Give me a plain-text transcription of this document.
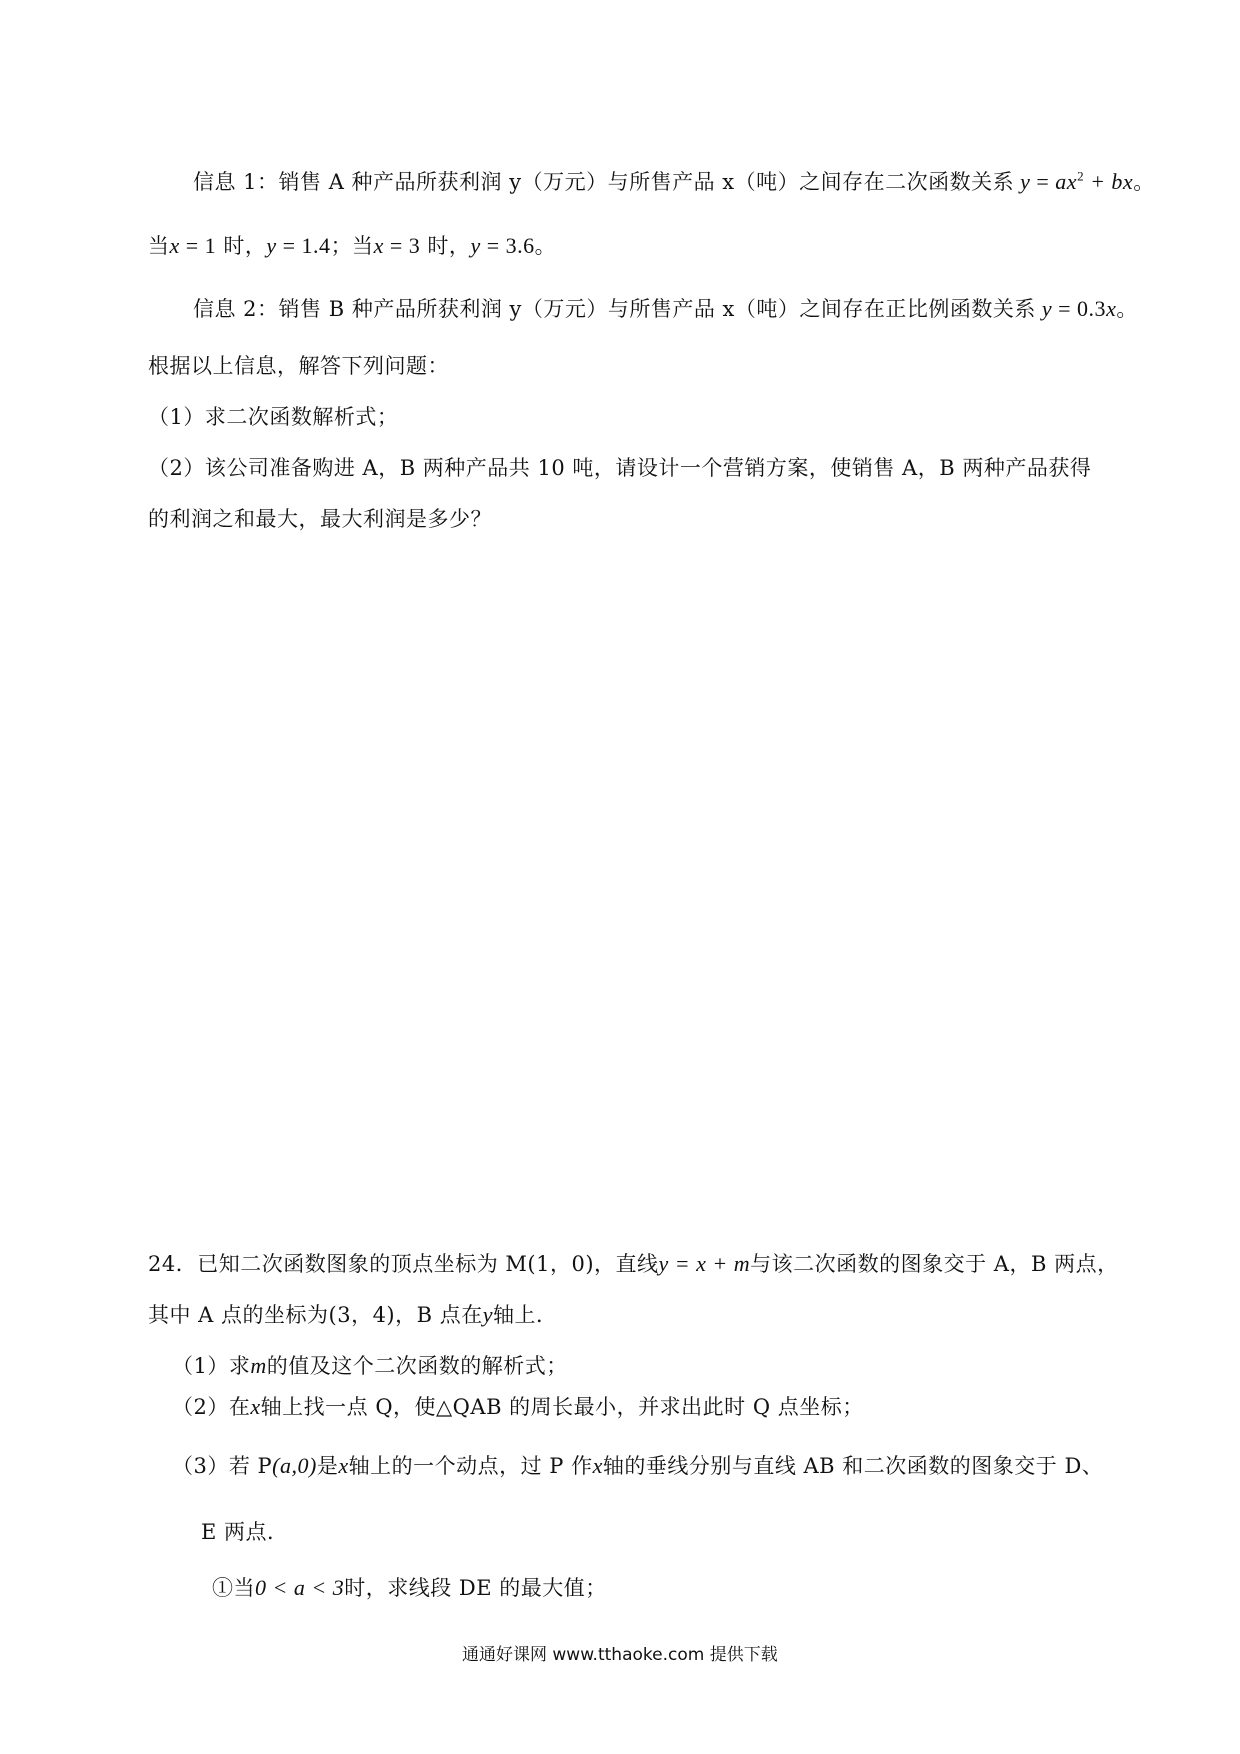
信息 1：销售 A 种产品所获利润 y（万元）与所售产品 x（吨）之间存在二次函数关系 $y = ax^2$ + bx。
当x = 1 时，y = 1.4；当x = 3 时，y = 3.6。
信息 2：销售 B 种产品所获利润 y（万元）与所售产品 x（吨）之间存在正比例函数关系 y = 0.3x。
根据以上信息，解答下列问题：
（1）求二次函数解析式；
（2）该公司准备购进 A，B 两种产品共 10 吨，请设计一个营销方案，使销售 A，B 两种产品获得
的利润之和最大，最大利润是多少？
24．已知二次函数图象的顶点坐标为 M(1，0)，直线y = x + m与该二次函数的图象交于 A，B 两点，
其中 A 点的坐标为(3，4)，B 点在y轴上．
（1）求m的值及这个二次函数的解析式；
（2）在x轴上找一点 Q，使△QAB 的周长最小，并求出此时 Q 点坐标；
（3）若 P(a,0)是x轴上的一个动点，过 P 作x轴的垂线分别与直线 AB 和二次函数的图象交于 D、
E 两点．
①当0 < a < 3时，求线段 DE 的最大值；
通通好课网 www.tthaoke.com 提供下载
